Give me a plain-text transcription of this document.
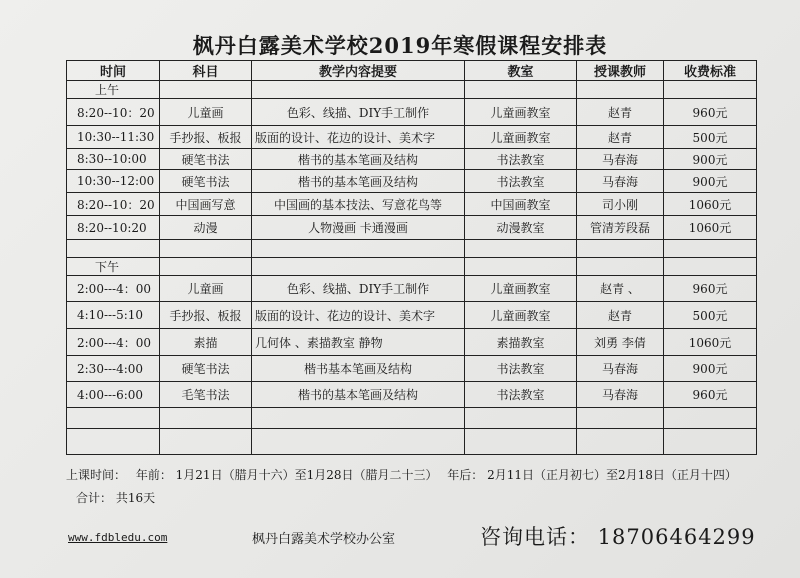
枫丹白露美术学校2019年寒假课程安排表
时间	科目	教学内容提要	教室	授课教师	收费标准
上午					
8:20--10：20	儿童画	色彩、线描、DIY手工制作	儿童画教室	赵青	960元
10:30--11:30	手抄报、板报	版面的设计、花边的设计、美术字	儿童画教室	赵青	500元
8:30--10:00	硬笔书法	楷书的基本笔画及结构	书法教室	马春海	900元
10:30--12:00	硬笔书法	楷书的基本笔画及结构	书法教室	马春海	900元
8:20--10：20	中国画写意	中国画的基本技法、写意花鸟等	中国画教室	司小刚	1060元
8:20--10:20	动漫	人物漫画 卡通漫画	动漫教室	管清芳段磊	1060元

下午					
2:00---4：00	儿童画	色彩、线描、DIY手工制作	儿童画教室	赵青 、	960元
4:10---5:10	手抄报、板报	版面的设计、花边的设计、美术字	儿童画教室	赵青	500元
2:00---4：00	素描	几何体 、素描教室 静物	素描教室	刘勇 李倩	1060元
2:30---4:00	硬笔书法	楷书基本笔画及结构	书法教室	马春海	900元
4:00---6:00	毛笔书法	楷书的基本笔画及结构	书法教室	马春海	960元

上课时间： 年前： 1月21日（腊月十六）至1月28日（腊月二十三） 年后： 2月11日（正月初七）至2月18日（正月十四）
合计： 共16天
www.fdbledu.com	枫丹白露美术学校办公室	咨询电话： 18706464299
